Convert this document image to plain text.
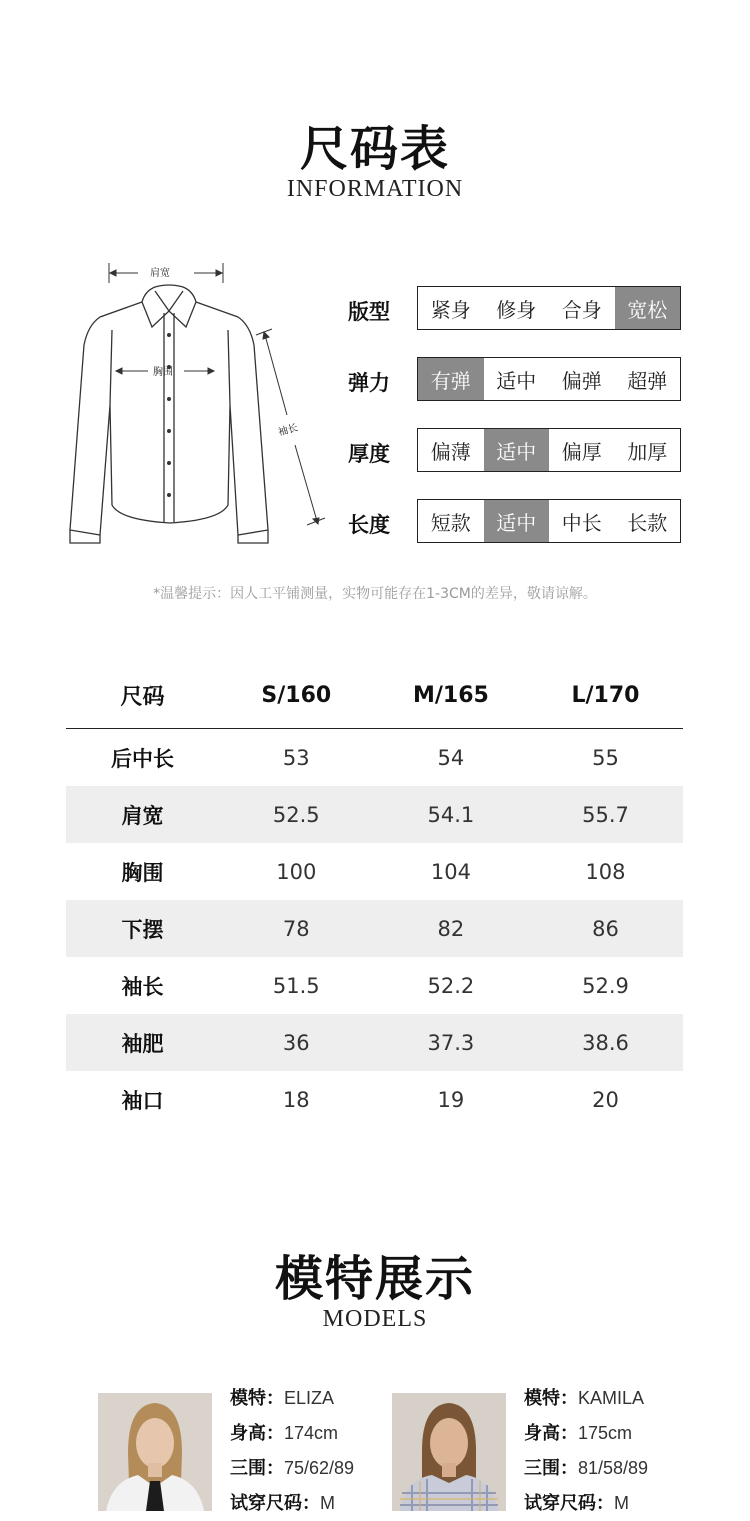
尺码表
INFORMATION
肩宽
胸围
袖长
版型	紧身	修身	合身	宽松
弹力	有弹	适中	偏弹	超弹
厚度	偏薄	适中	偏厚	加厚
长度	短款	适中	中长	长款
*温馨提示：因人工平铺测量，实物可能存在1-3CM的差异，敬请谅解。
尺码	S/160	M/165	L/170
后中长	53	54	55
肩宽	52.5	54.1	55.7
胸围	100	104	108
下摆	78	82	86
袖长	51.5	52.2	52.9
袖肥	36	37.3	38.6
袖口	18	19	20
模特展示
MODELS
模特：ELIZA
身高：174cm
三围：75/62/89
试穿尺码：M
模特：KAMILA
身高：175cm
三围：81/58/89
试穿尺码：M
